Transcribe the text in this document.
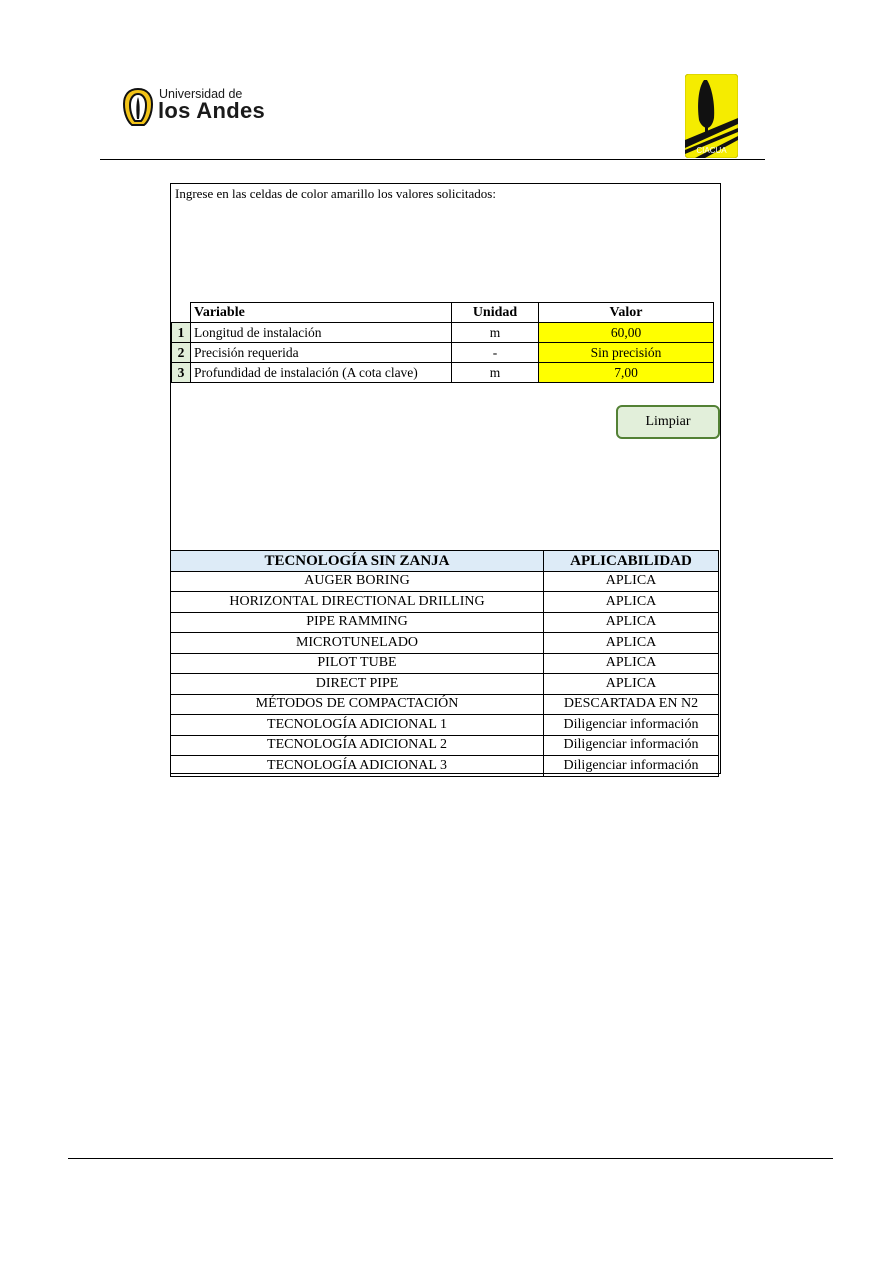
Universidad de
los Andes
CIACUA
Ingrese en las celdas de color amarillo los valores solicitados:
	Variable	Unidad	Valor
1	Longitud de instalación	m	60,00
2	Precisión requerida	-	Sin precisión
3	Profundidad de instalación (A cota clave)	m	7,00
Limpiar
TECNOLOGÍA SIN ZANJA	APLICABILIDAD
AUGER BORING	APLICA
HORIZONTAL DIRECTIONAL DRILLING	APLICA
PIPE RAMMING	APLICA
MICROTUNELADO	APLICA
PILOT TUBE	APLICA
DIRECT PIPE	APLICA
MÉTODOS DE COMPACTACIÓN	DESCARTADA EN N2
TECNOLOGÍA ADICIONAL 1	Diligenciar información
TECNOLOGÍA ADICIONAL 2	Diligenciar información
TECNOLOGÍA ADICIONAL 3	Diligenciar información
